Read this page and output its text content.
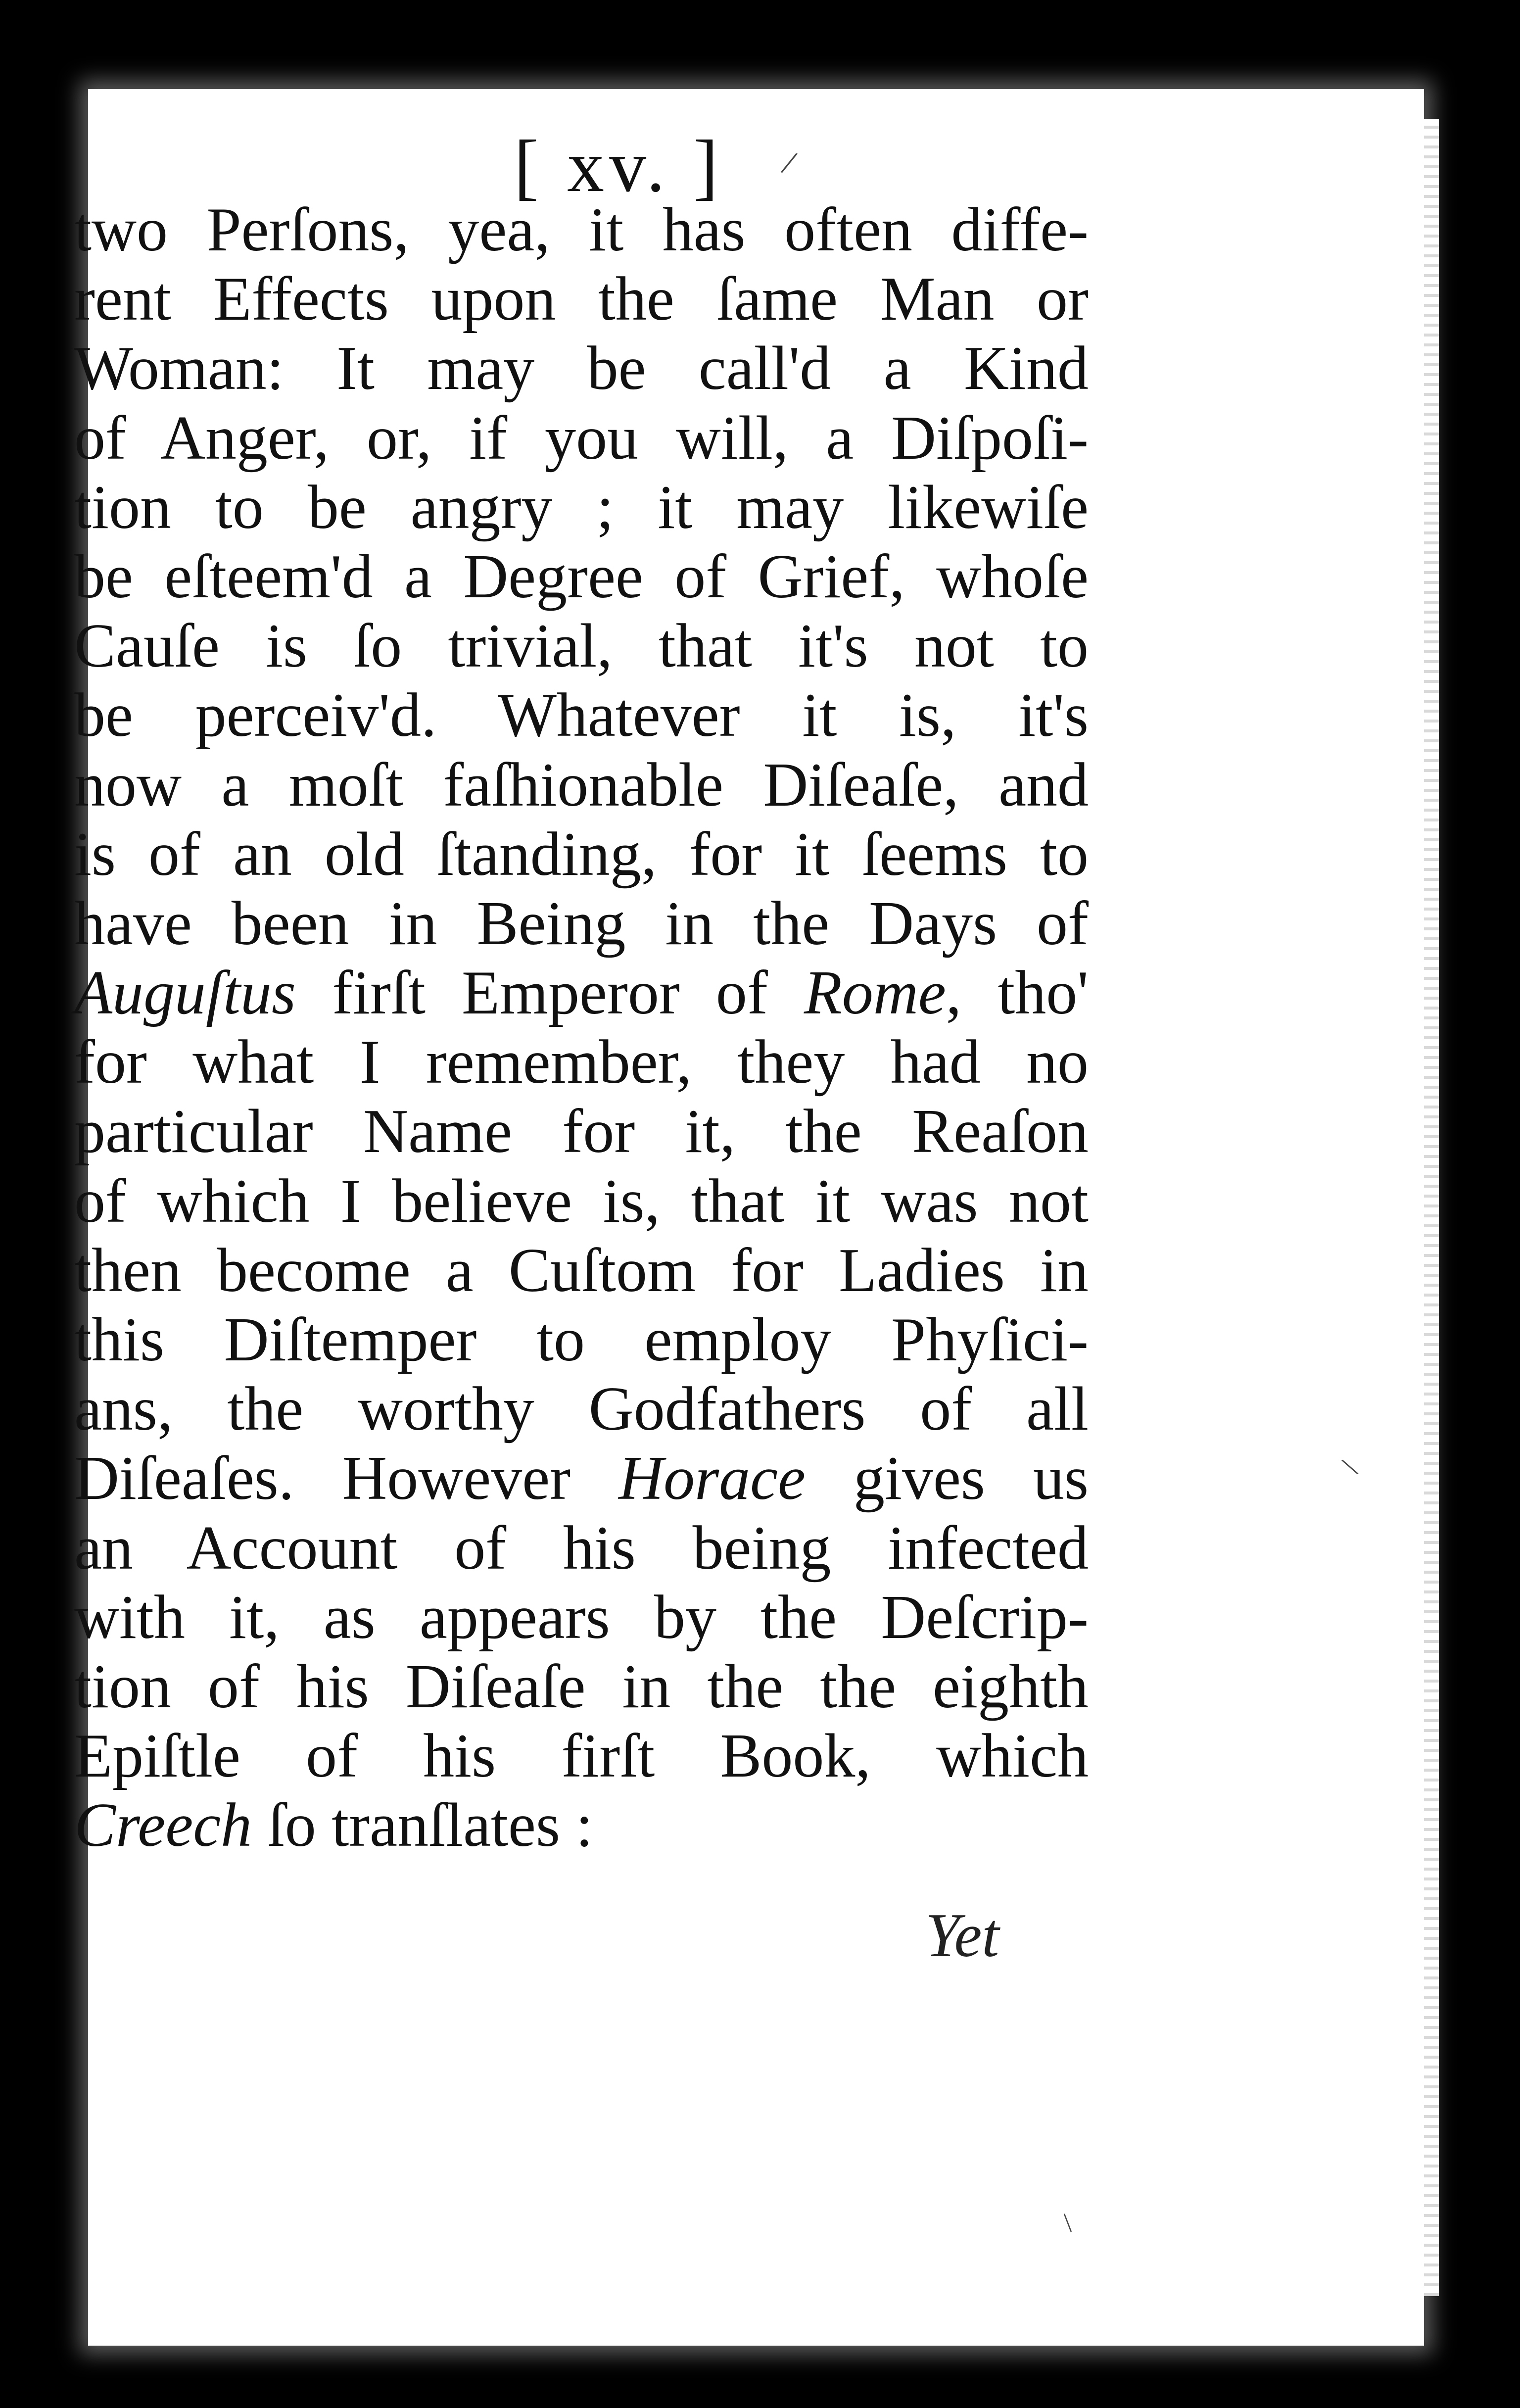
[ xv. ]
two Perſons, yea, it has often diffe-
rent Effects upon the ſame Man or
Woman: It may be call'd a Kind
of Anger, or, if you will, a Diſpoſi-
tion to be angry ; it may likewiſe
be eſteem'd a Degree of Grief, whoſe
Cauſe is ſo trivial, that it's not to
be perceiv'd. Whatever it is, it's
now a moſt faſhionable Diſeaſe, and
is of an old ſtanding, for it ſeems to
have been in Being in the Days of
Auguſtus firſt Emperor of Rome, tho'
for what I remember, they had no
particular Name for it, the Reaſon
of which I believe is, that it was not
then become a Cuſtom for Ladies in
this Diſtemper to employ Phyſici-
ans, the worthy Godfathers of all
Diſeaſes. However Horace gives us
an Account of his being infected
with it, as appears by the Deſcrip-
tion of his Diſeaſe in the the eighth
Epiſtle of his firſt Book, which
Creech ſo tranſlates :
Yet
/
\
/
